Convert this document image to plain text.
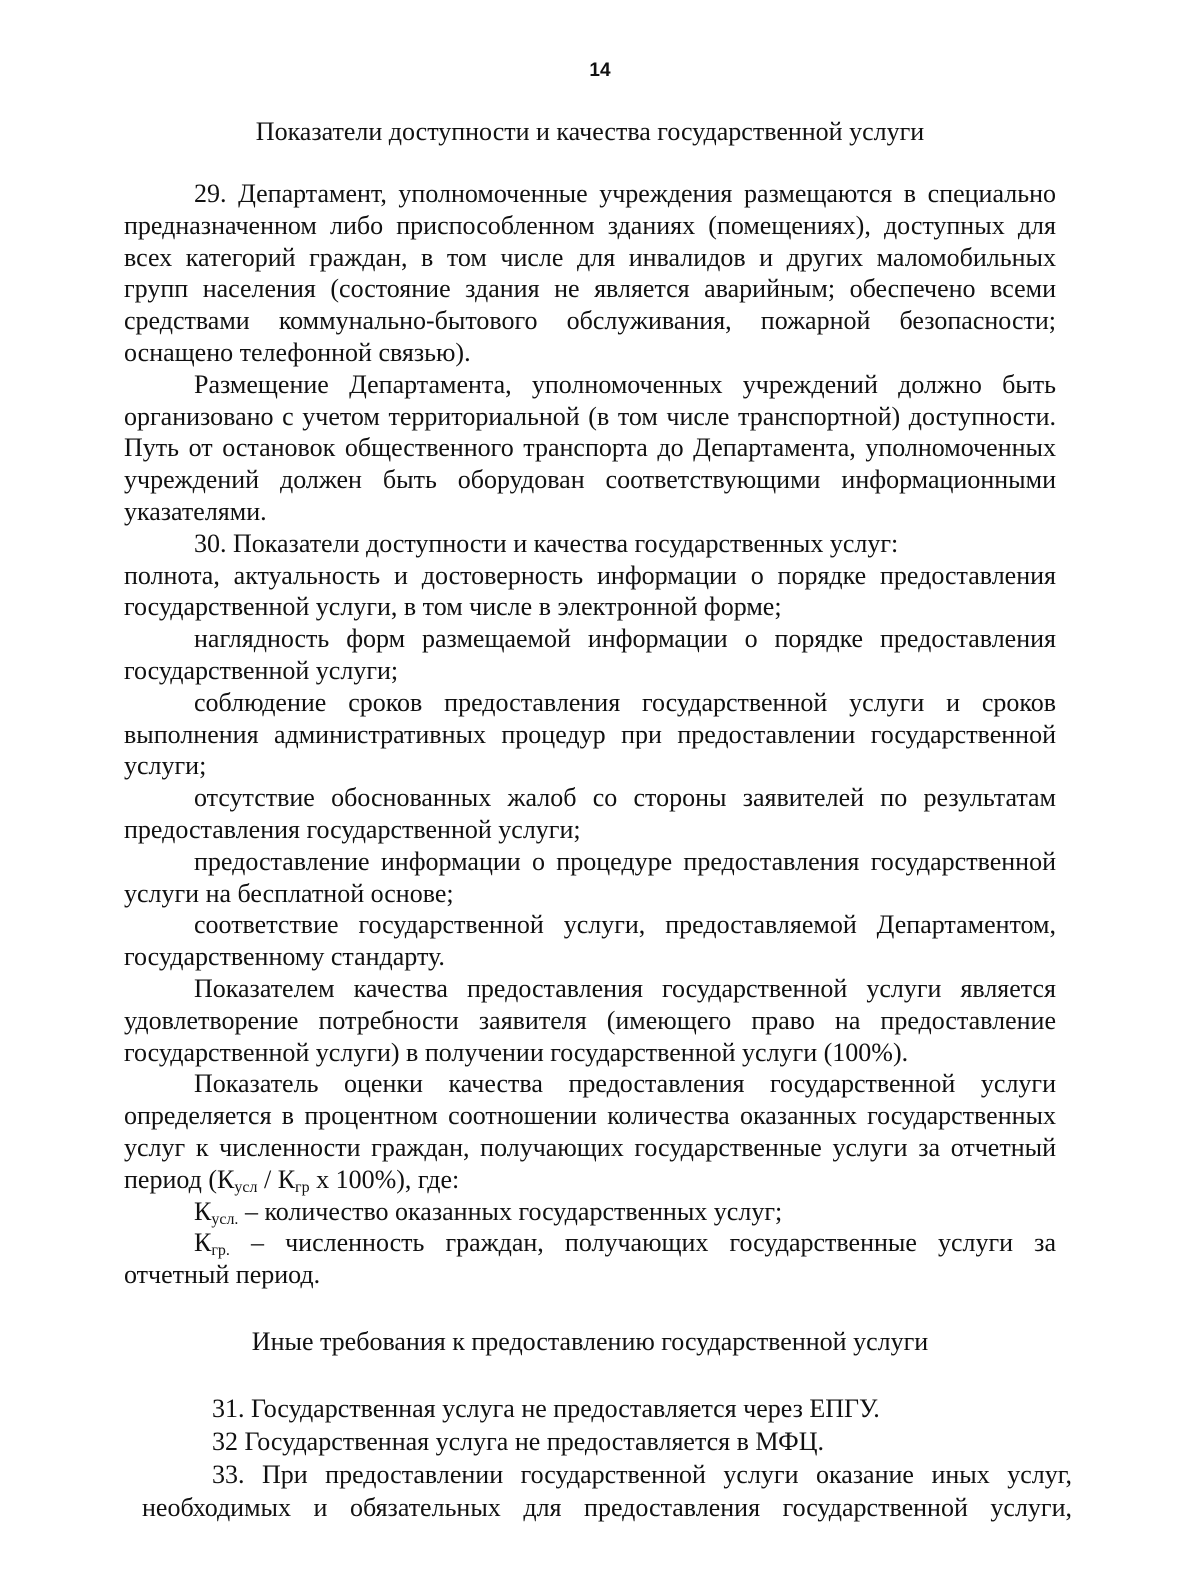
14
Показатели доступности и качества государственной услуги

29. Департамент, уполномоченные учреждения размещаются в специально предназначенном либо приспособленном зданиях (помещениях), доступных для всех категорий граждан, в том числе для инвалидов и других маломобильных групп населения (состояние здания не является аварийным; обеспечено всеми средствами коммунально-бытового обслуживания, пожарной безопасности; оснащено телефонной связью).

Размещение Департамента, уполномоченных учреждений должно быть организовано с учетом территориальной (в том числе транспортной) доступности. Путь от остановок общественного транспорта до Департамента, уполномоченных учреждений должен быть оборудован соответствующими информационными указателями.

30. Показатели доступности и качества государственных услуг:

полнота, актуальность и достоверность информации о порядке предоставления государственной услуги, в том числе в электронной форме;

наглядность форм размещаемой информации о порядке предоставления государственной услуги;

соблюдение сроков предоставления государственной услуги и сроков выполнения административных процедур при предоставлении государственной услуги;

отсутствие обоснованных жалоб со стороны заявителей по результатам предоставления государственной услуги;

предоставление информации о процедуре предоставления государственной услуги на бесплатной основе;

соответствие государственной услуги, предоставляемой Департаментом, государственному стандарту.

Показателем качества предоставления государственной услуги является удовлетворение потребности заявителя (имеющего право на предоставление государственной услуги) в получении государственной услуги (100%).

Показатель оценки качества предоставления государственной услуги определяется в процентном соотношении количества оказанных государственных услуг к численности граждан, получающих государственные услуги за отчетный период ($К_{усл} / К_{гр}$ x 100%), где:

$К_{усл.}$ – количество оказанных государственных услуг;

$К_{гр.}$ – численность граждан, получающих государственные услуги за отчетный период.

Иные требования к предоставлению государственной услуги

31. Государственная услуга не предоставляется через ЕПГУ.

32 Государственная услуга не предоставляется в МФЦ.

33. При предоставлении государственной услуги оказание иных услуг, необходимых и обязательных для предоставления государственной услуги,
